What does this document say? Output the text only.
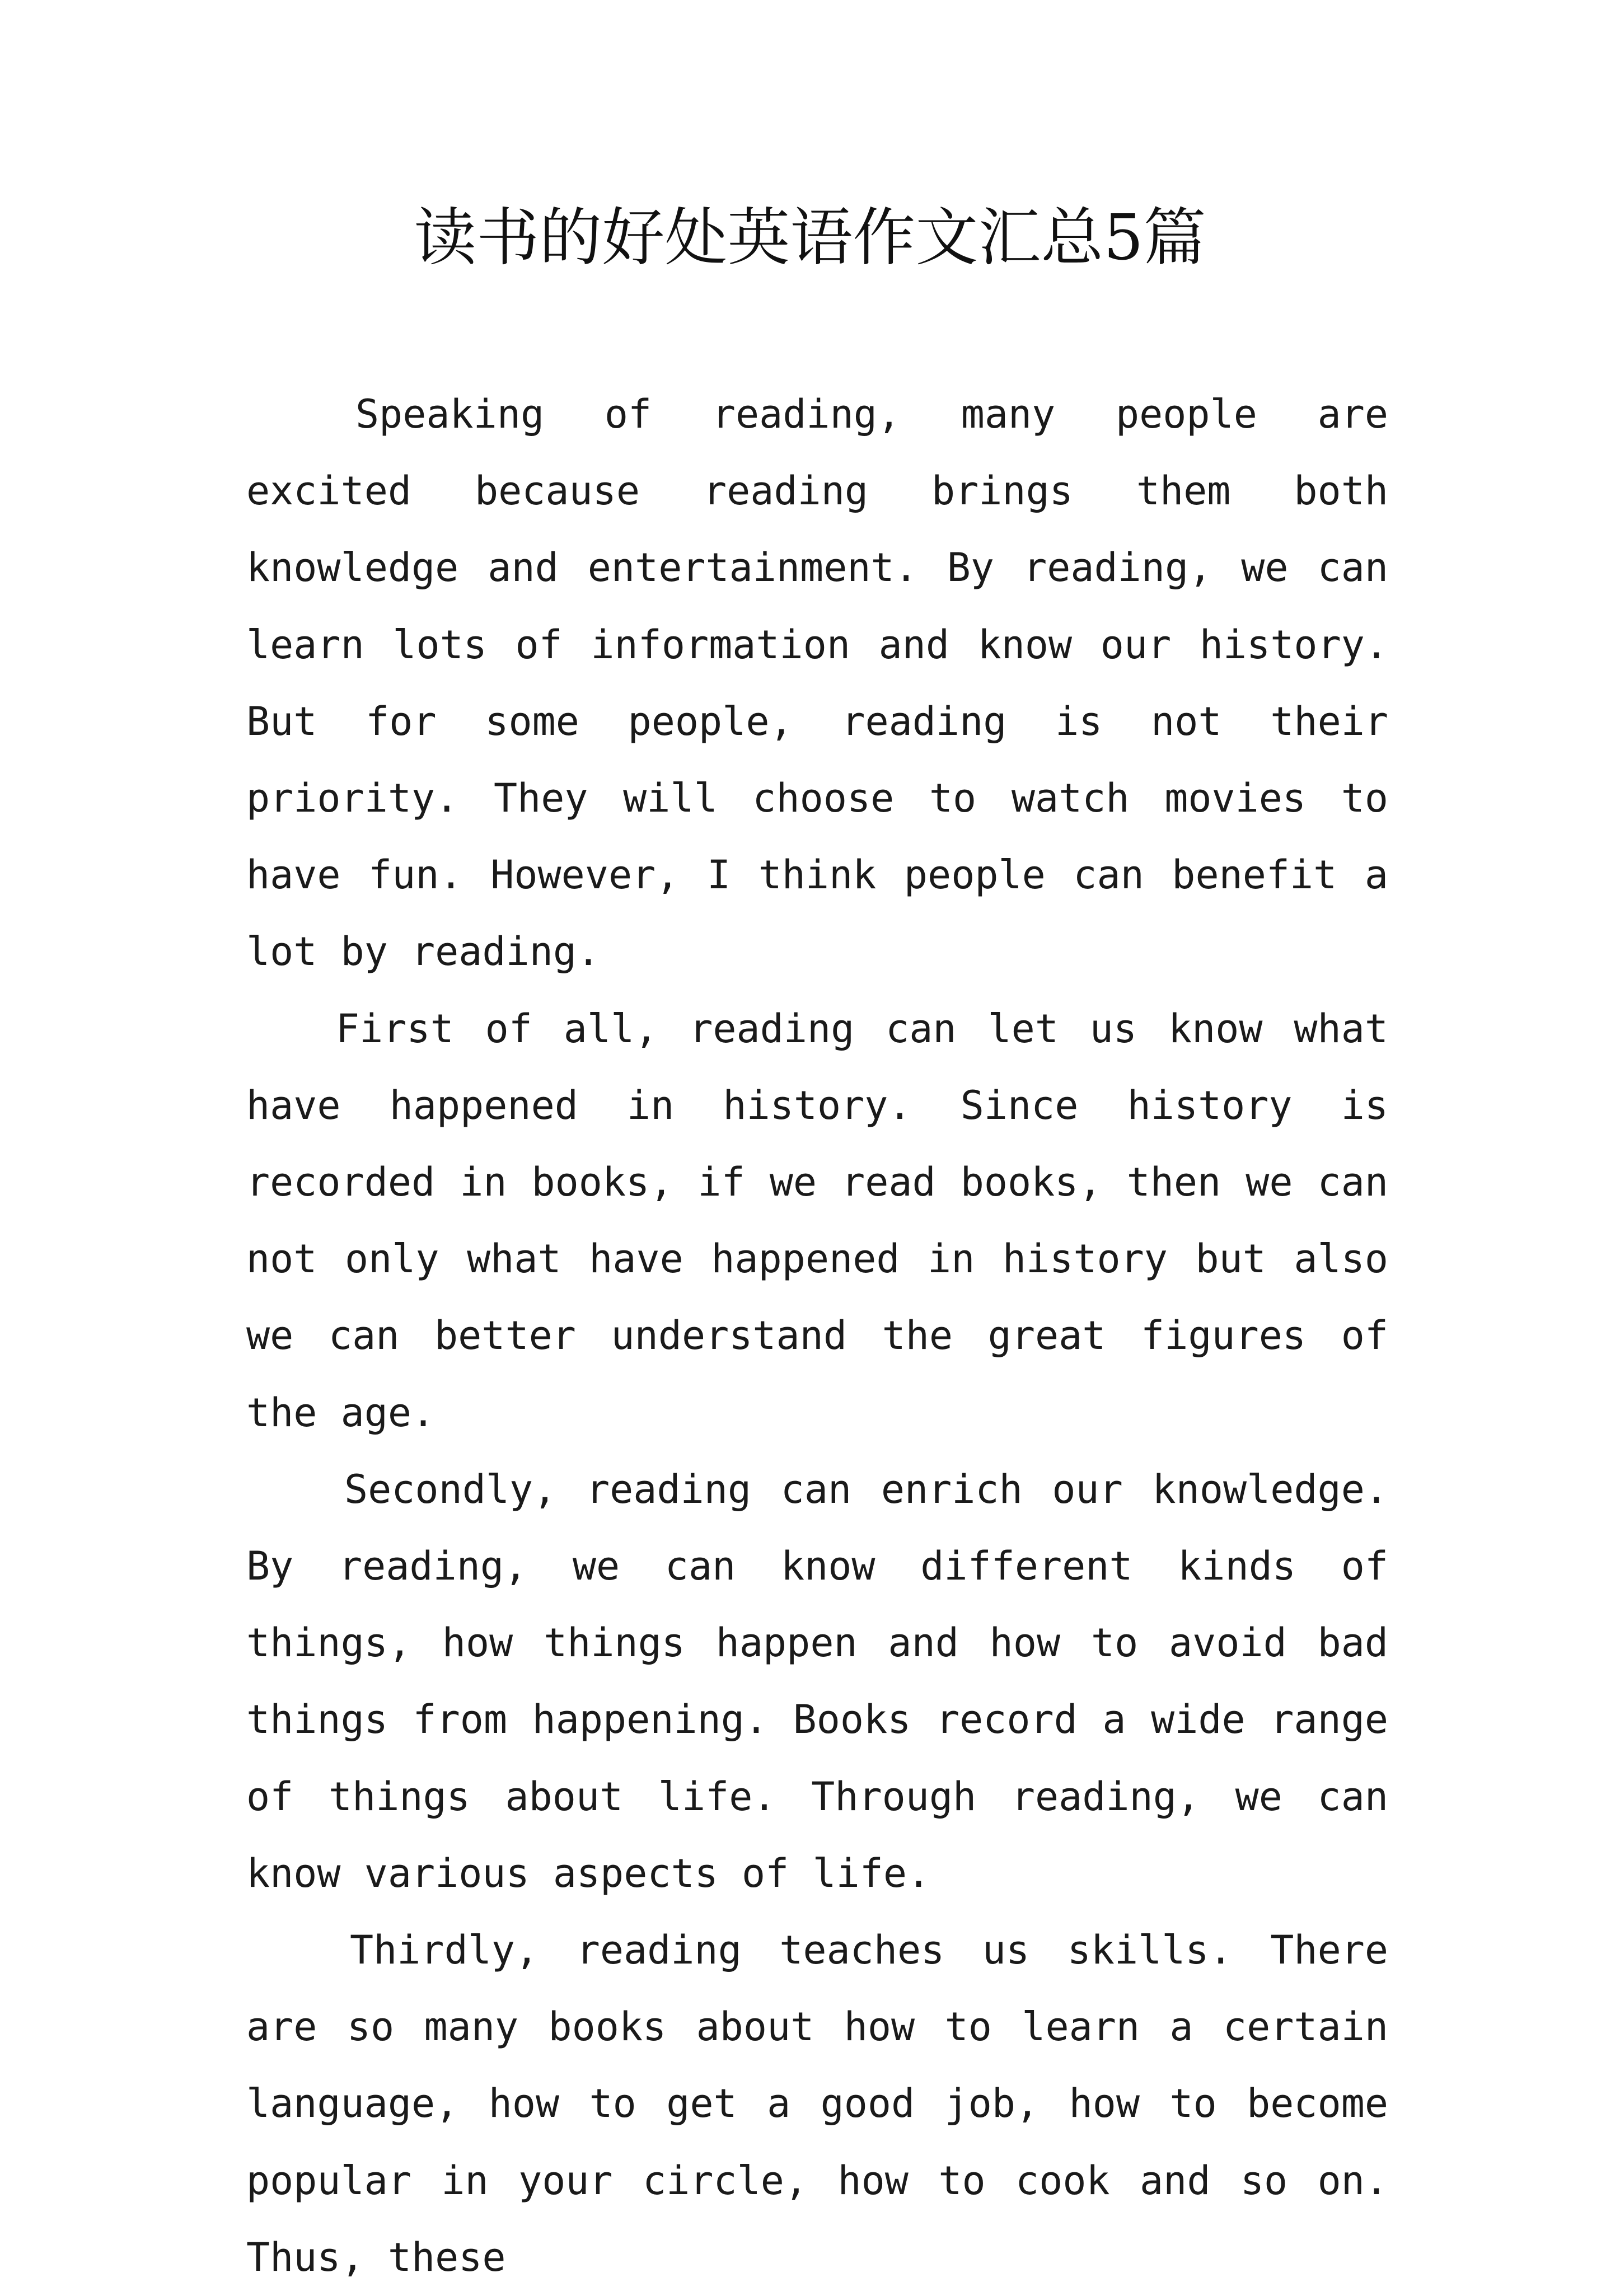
读书的好处英语作文汇总5篇

Speaking of reading, many people are excited because reading brings them both knowledge and entertainment. By reading, we can learn lots of information and know our history. But for some people, reading is not their priority. They will choose to watch movies to have fun. However, I think people can benefit a lot by reading.

First of all, reading can let us know what have happened in history. Since history is recorded in books, if we read books, then we can not only what have happened in history but also we can better understand the great figures of the age.

Secondly, reading can enrich our knowledge. By reading, we can know different kinds of things, how things happen and how to avoid bad things from happening. Books record a wide range of things about life. Through reading, we can know various aspects of life.

Thirdly, reading teaches us skills. There are so many books about how to learn a certain language, how to get a good job, how to become popular in your circle, how to cook and so on. Thus, these
